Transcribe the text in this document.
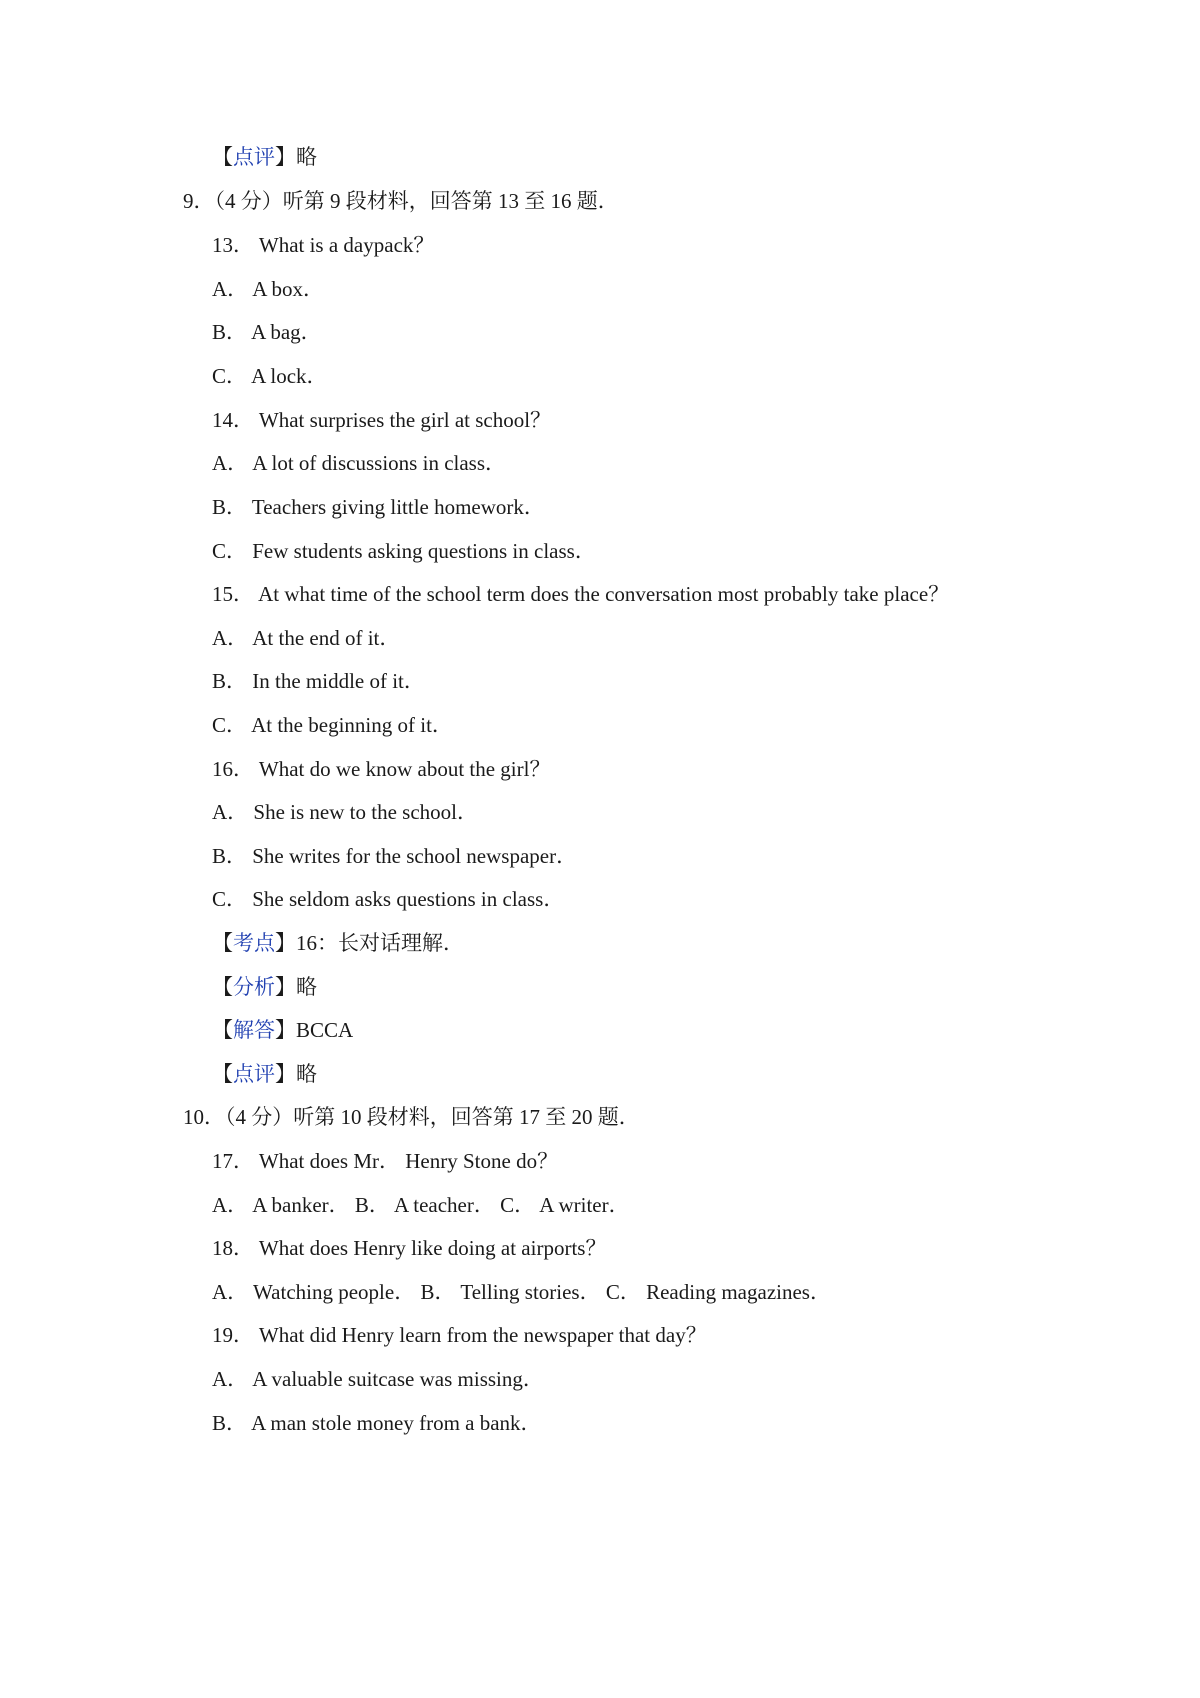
【点评】略
9．（4 分）听第 9 段材料，回答第 13 至 16 题．
13． What is a daypack？
A． A box．
B． A bag．
C． A lock．
14． What surprises the girl at school？
A． A lot of discussions in class．
B． Teachers giving little homework．
C． Few students asking questions in class．
15． At what time of the school term does the conversation most probably take place？
A． At the end of it．
B． In the middle of it．
C． At the beginning of it．
16． What do we know about the girl？
A． She is new to the school．
B． She writes for the school newspaper．
C． She seldom asks questions in class．
【考点】16：长对话理解．
【分析】略
【解答】BCCA
【点评】略
10．（4 分）听第 10 段材料，回答第 17 至 20 题．
17． What does Mr． Henry Stone do？
A． A banker． B． A teacher． C． A writer．
18． What does Henry like doing at airports？
A． Watching people． B． Telling stories． C． Reading magazines．
19． What did Henry learn from the newspaper that day？
A． A valuable suitcase was missing．
B． A man stole money from a bank．
